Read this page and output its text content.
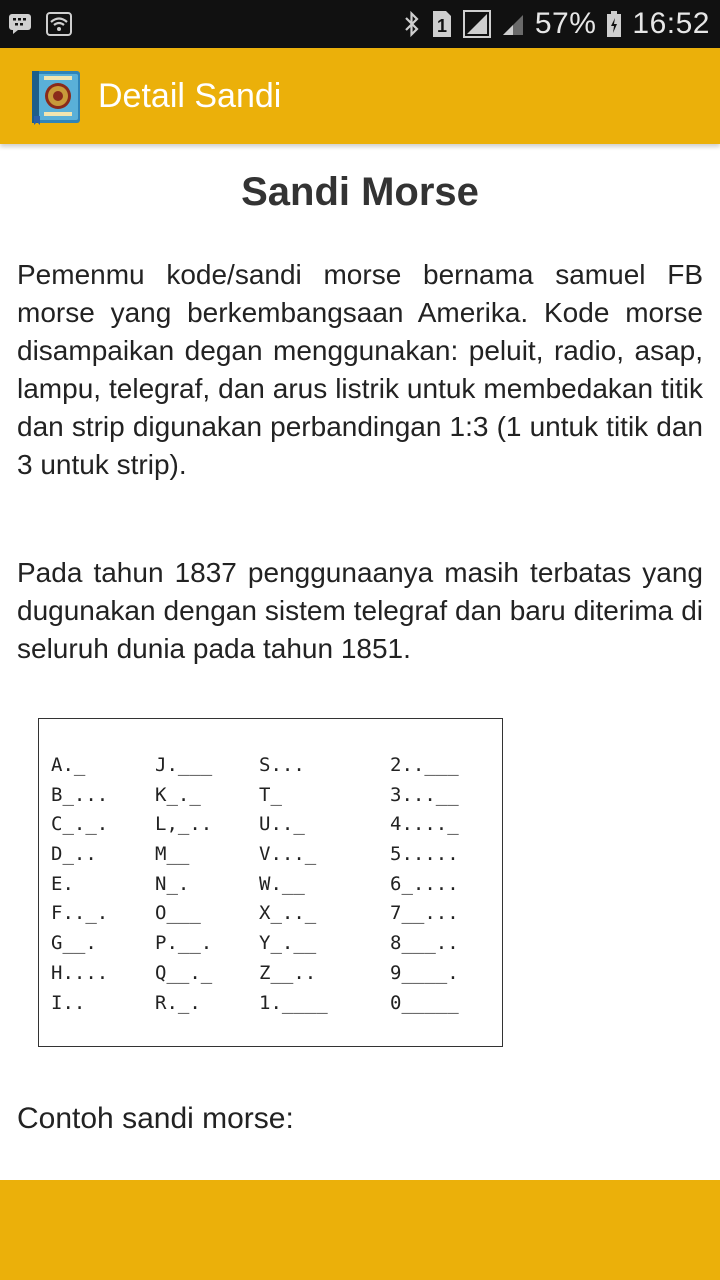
1	57% 16:52
Detail Sandi
Sandi Morse

Pemenmu kode/sandi morse bernama samuel FB morse yang berkembangsaan Amerika. Kode morse disampaikan degan menggunakan: peluit, radio, asap, lampu, telegraf, dan arus listrik untuk membedakan titik dan strip digunakan perbandingan 1:3 (1 untuk titik dan 3 untuk strip).

Pada tahun 1837 penggunaanya masih terbatas yang dugunakan dengan sistem telegraf dan baru diterima di seluruh dunia pada tahun 1851.

A._
B_...
C_._.
D_..
E.
F.._.
G__.
H....
I..
J.___
K_._
L,_..
M__
N_.
O___
P.__.
Q__._
R._.
S...
T_
U.._
V..._
W.__
X_.._
Y_.__
Z__..
1.____
2..___
3...__
4...._
5.....
6_....
7__...
8___..
9____.
0_____
Contoh sandi morse:
